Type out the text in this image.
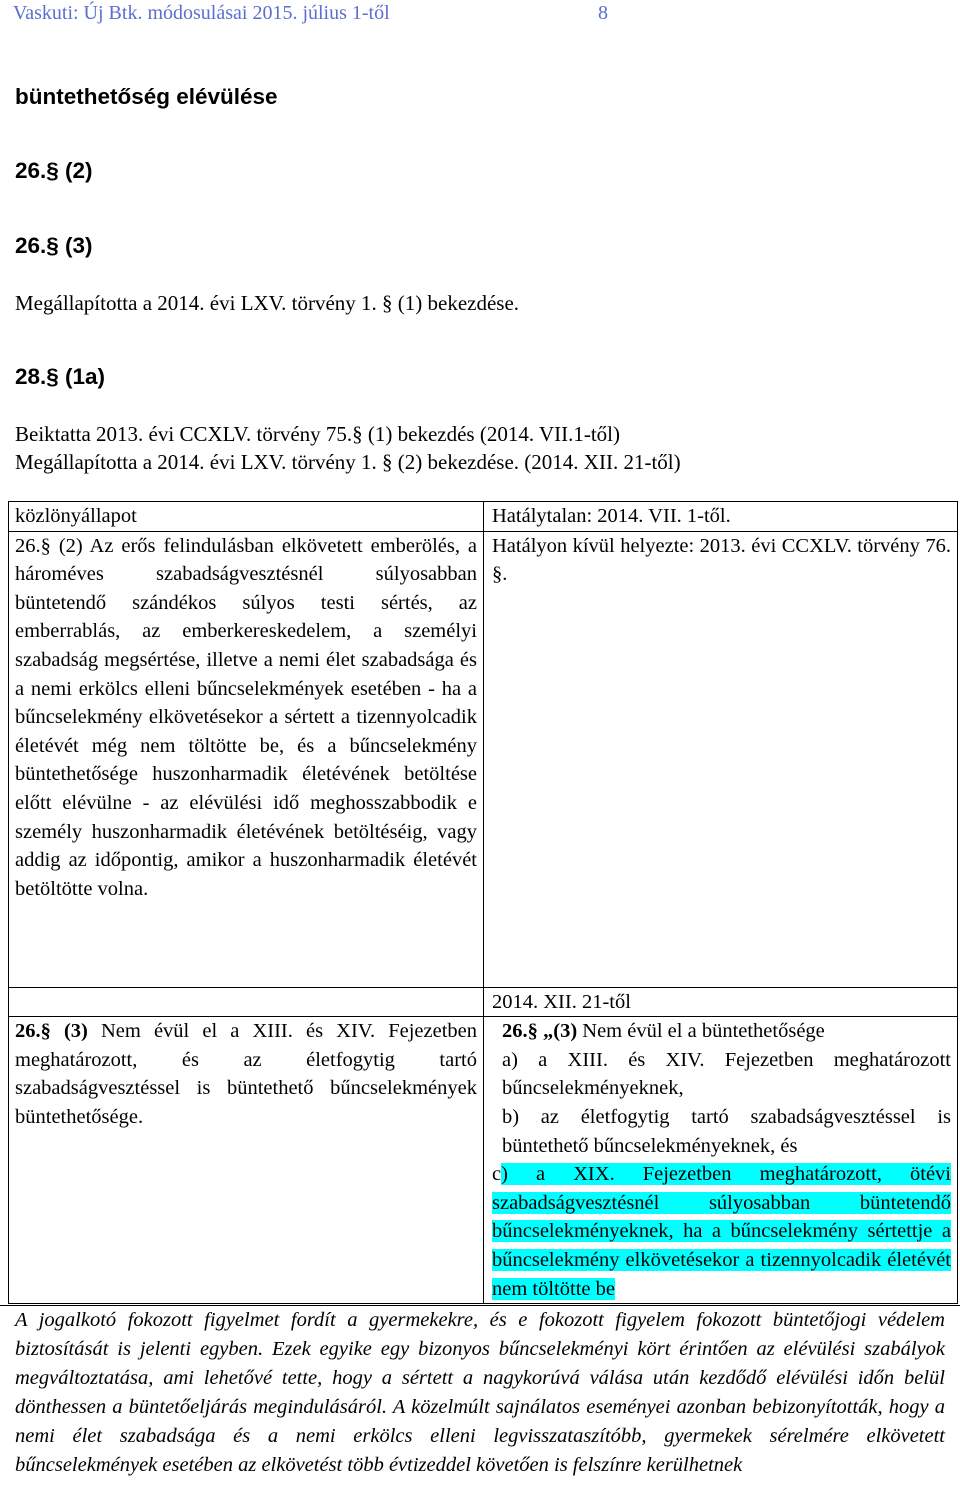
Vaskuti: Új Btk. módosulásai 2015. július 1-től	8
büntethetőség elévülése
26.§ (2)
26.§ (3)
Megállapította a 2014. évi LXV. törvény 1. § (1) bekezdése.
28.§ (1a)
Beiktatta 2013. évi CCXLV. törvény 75.§ (1) bekezdés (2014. VII.1-től)
Megállapította a 2014. évi LXV. törvény 1. § (2) bekezdése. (2014. XII. 21-től)
közlönyállapot	Hatálytalan: 2014. VII. 1-től.
26.§ (2) Az erős felindulásban elkövetett emberölés, a hároméves szabadságvesztésnél súlyosabban büntetendő szándékos súlyos testi sértés, az emberrablás, az emberkereskedelem, a személyi szabadság megsértése, illetve a nemi élet szabadsága és a nemi erkölcs elleni bűncselekmények esetében - ha a bűncselekmény elkövetésekor a sértett a tizennyolcadik életévét még nem töltötte be, és a bűncselekmény büntethetősége huszonharmadik életévének betöltése előtt elévülne - az elévülési idő meghosszabbodik e személy huszonharmadik életévének betöltéséig, vagy addig az időpontig, amikor a huszonharmadik életévét betöltötte volna.	Hatályon kívül helyezte: 2013. évi CCXLV. törvény 76. §.
	2014. XII. 21-től
26.§ (3) Nem évül el a XIII. és XIV. Fejezetben meghatározott, és az életfogytig tartó szabadságvesztéssel is büntethető bűncselekmények büntethetősége.	26.§ „(3) Nem évül el a büntethetősége
a) a XIII. és XIV. Fejezetben meghatározott bűncselekményeknek,
b) az életfogytig tartó szabadságvesztéssel is büntethető bűncselekményeknek, és
c) a XIX. Fejezetben meghatározott, ötévi szabadságvesztésnél súlyosabban büntetendő bűncselekményeknek, ha a bűncselekmény sértettje a bűncselekmény elkövetésekor a tizennyolcadik életévét nem töltötte be
A jogalkotó fokozott figyelmet fordít a gyermekekre, és e fokozott figyelem fokozott büntetőjogi védelem biztosítását is jelenti egyben. Ezek egyike egy bizonyos bűncselekményi kört érintően az elévülési szabályok megváltoztatása, ami lehetővé tette, hogy a sértett a nagykorúvá válása után kezdődő elévülési időn belül dönthessen a büntetőeljárás megindulásáról. A közelmúlt sajnálatos eseményei azonban bebizonyították, hogy a nemi élet szabadsága és a nemi erkölcs elleni legvisszataszítóbb, gyermekek sérelmére elkövetett bűncselekmények esetében az elkövetést több évtizeddel követően is felszínre kerülhetnek
